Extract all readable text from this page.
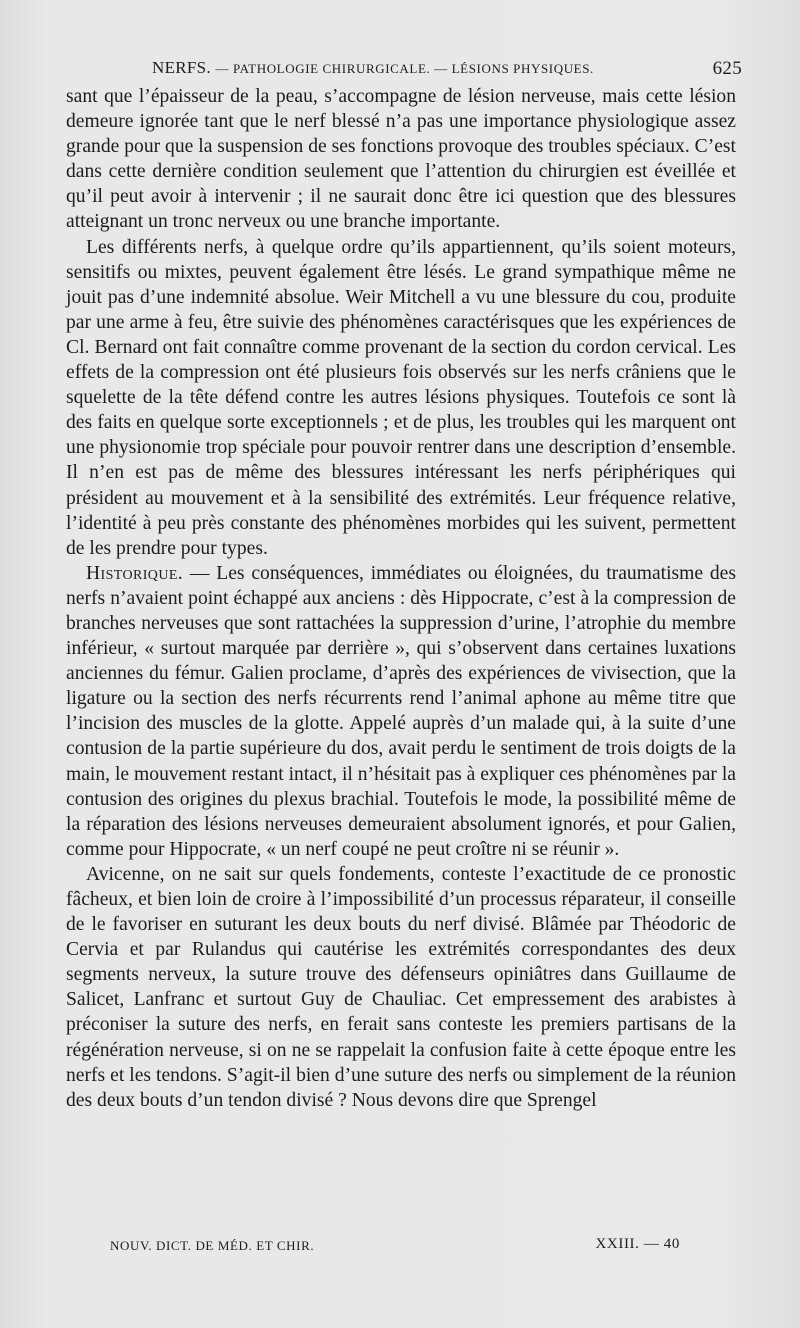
NERFS. — PATHOLOGIE CHIRURGICALE. — LÉSIONS PHYSIQUES.	625

sant que l’épaisseur de la peau, s’accompagne de lésion nerveuse, mais cette lésion demeure ignorée tant que le nerf blessé n’a pas une importance physiologique assez grande pour que la suspension de ses fonctions provoque des troubles spéciaux. C’est dans cette dernière condition seulement que l’attention du chirurgien est éveillée et qu’il peut avoir à intervenir ; il ne saurait donc être ici question que des blessures atteignant un tronc nerveux ou une branche importante.

Les différents nerfs, à quelque ordre qu’ils appartiennent, qu’ils soient moteurs, sensitifs ou mixtes, peuvent également être lésés. Le grand sympathique même ne jouit pas d’une indemnité absolue. Weir Mitchell a vu une blessure du cou, produite par une arme à feu, être suivie des phénomènes caractérisques que les expériences de Cl. Bernard ont fait connaître comme provenant de la section du cordon cervical. Les effets de la compression ont été plusieurs fois observés sur les nerfs crâniens que le squelette de la tête défend contre les autres lésions physiques. Toutefois ce sont là des faits en quelque sorte exceptionnels ; et de plus, les troubles qui les marquent ont une physionomie trop spéciale pour pouvoir rentrer dans une description d’ensemble. Il n’en est pas de même des blessures intéressant les nerfs périphériques qui président au mouvement et à la sensibilité des extrémités. Leur fréquence relative, l’identité à peu près constante des phénomènes morbides qui les suivent, permettent de les prendre pour types.

Historique. — Les conséquences, immédiates ou éloignées, du traumatisme des nerfs n’avaient point échappé aux anciens : dès Hippocrate, c’est à la compression de branches nerveuses que sont rattachées la suppression d’urine, l’atrophie du membre inférieur, « surtout marquée par derrière », qui s’observent dans certaines luxations anciennes du fémur. Galien proclame, d’après des expériences de vivisection, que la ligature ou la section des nerfs récurrents rend l’animal aphone au même titre que l’incision des muscles de la glotte. Appelé auprès d’un malade qui, à la suite d’une contusion de la partie supérieure du dos, avait perdu le sentiment de trois doigts de la main, le mouvement restant intact, il n’hésitait pas à expliquer ces phénomènes par la contusion des origines du plexus brachial. Toutefois le mode, la possibilité même de la réparation des lésions nerveuses demeuraient absolument ignorés, et pour Galien, comme pour Hippocrate, « un nerf coupé ne peut croître ni se réunir ».

Avicenne, on ne sait sur quels fondements, conteste l’exactitude de ce pronostic fâcheux, et bien loin de croire à l’impossibilité d’un processus réparateur, il conseille de le favoriser en suturant les deux bouts du nerf divisé. Blâmée par Théodoric de Cervia et par Rulandus qui cautérise les extrémités correspondantes des deux segments nerveux, la suture trouve des défenseurs opiniâtres dans Guillaume de Salicet, Lanfranc et surtout Guy de Chauliac. Cet empressement des arabistes à préconiser la suture des nerfs, en ferait sans conteste les premiers partisans de la régénération nerveuse, si on ne se rappelait la confusion faite à cette époque entre les nerfs et les tendons. S’agit-il bien d’une suture des nerfs ou simplement de la réunion des deux bouts d’un tendon divisé ? Nous devons dire que Sprengel

NOUV. DICT. DE MÉD. ET CHIR.	XXIII. — 40
